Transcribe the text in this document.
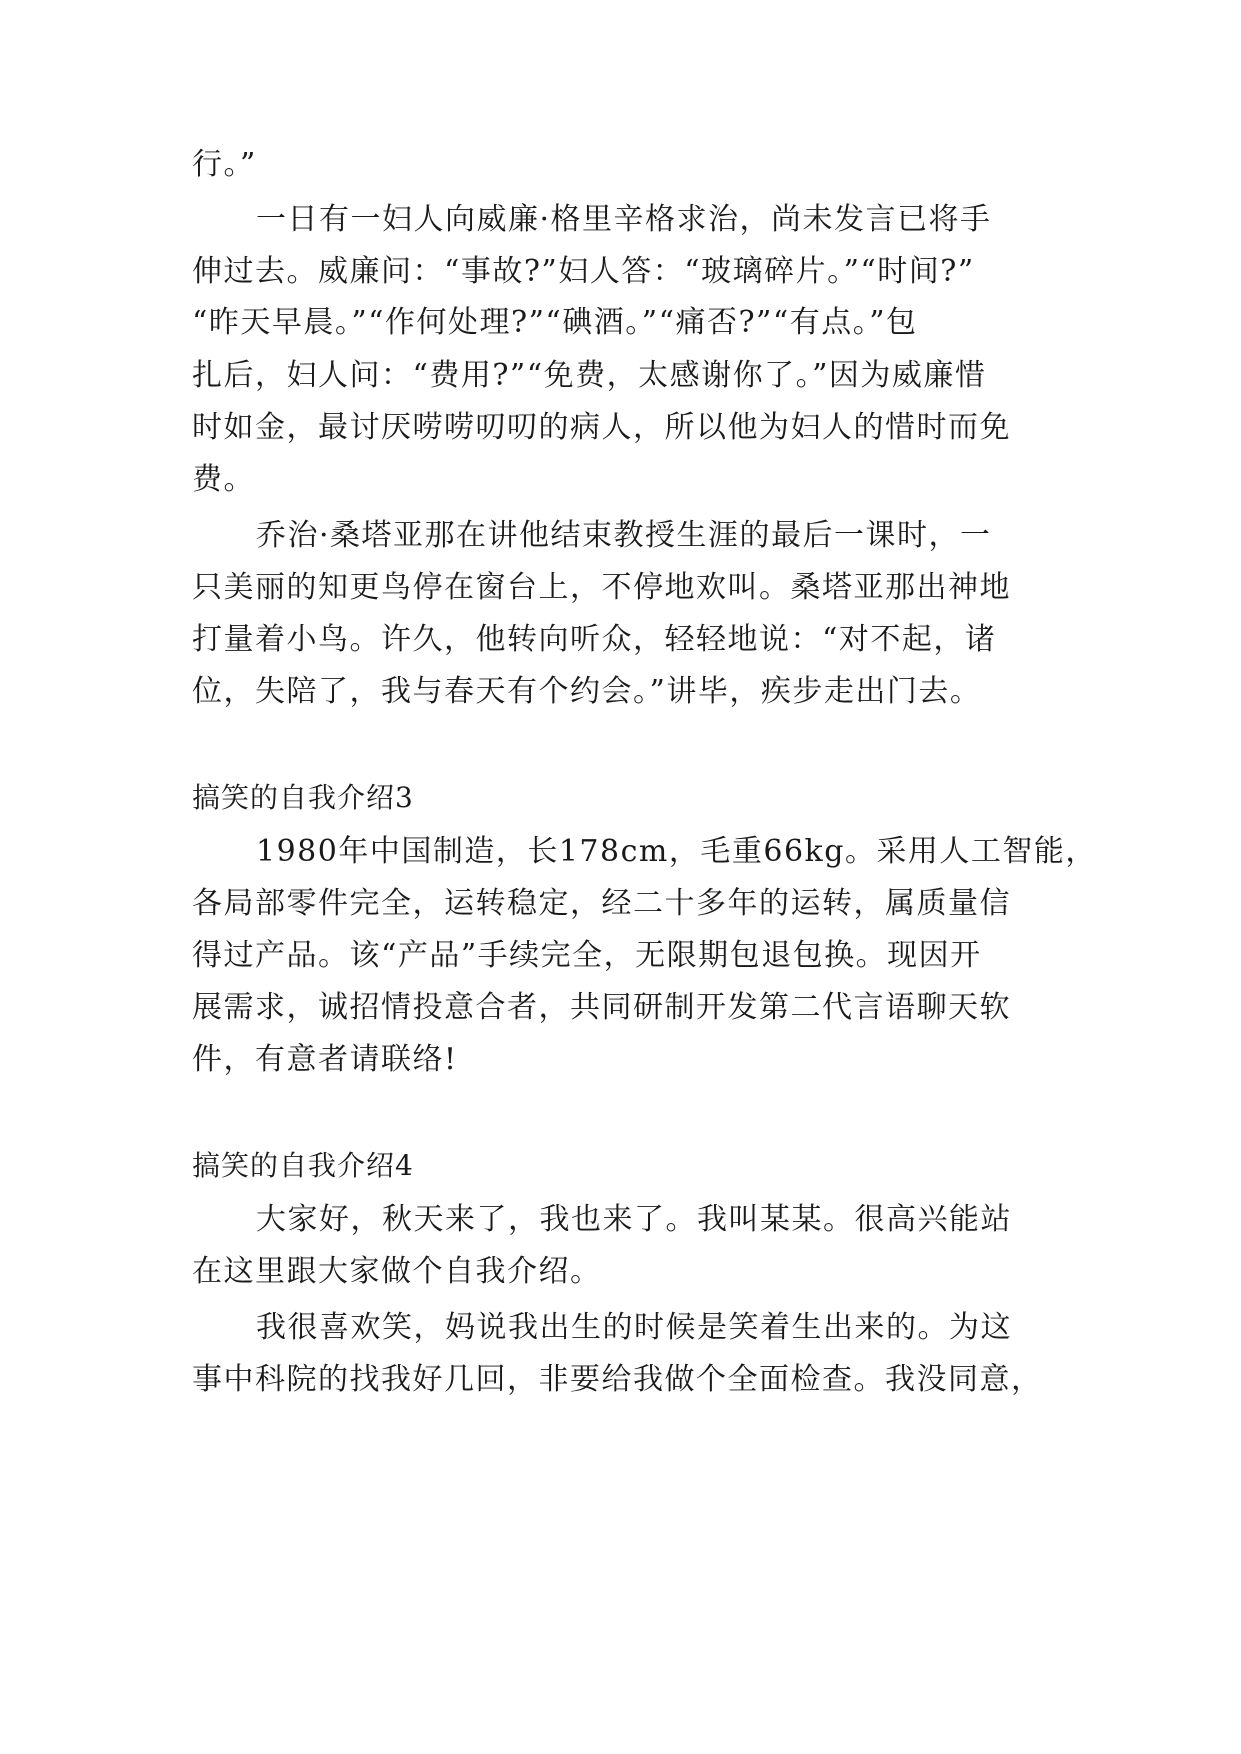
行。”
一日有一妇人向威廉·格里辛格求治，尚未发言已将手
伸过去。威廉问：“事故?”妇人答：“玻璃碎片。”“时间?”
“昨天早晨。”“作何处理?”“碘酒。”“痛否?”“有点。”包
扎后，妇人问：“费用?”“免费，太感谢你了。”因为威廉惜
时如金，最讨厌唠唠叨叨的病人，所以他为妇人的惜时而免
费。
乔治·桑塔亚那在讲他结束教授生涯的最后一课时，一
只美丽的知更鸟停在窗台上，不停地欢叫。桑塔亚那出神地
打量着小鸟。许久，他转向听众，轻轻地说：“对不起，诸
位，失陪了，我与春天有个约会。”讲毕，疾步走出门去。
搞笑的自我介绍3
1980年中国制造，长178cm，毛重66kg。采用人工智能，
各局部零件完全，运转稳定，经二十多年的运转，属质量信
得过产品。该“产品”手续完全，无限期包退包换。现因开
展需求，诚招情投意合者，共同研制开发第二代言语聊天软
件，有意者请联络!
搞笑的自我介绍4
大家好，秋天来了，我也来了。我叫某某。很高兴能站
在这里跟大家做个自我介绍。
我很喜欢笑，妈说我出生的时候是笑着生出来的。为这
事中科院的找我好几回，非要给我做个全面检查。我没同意，
